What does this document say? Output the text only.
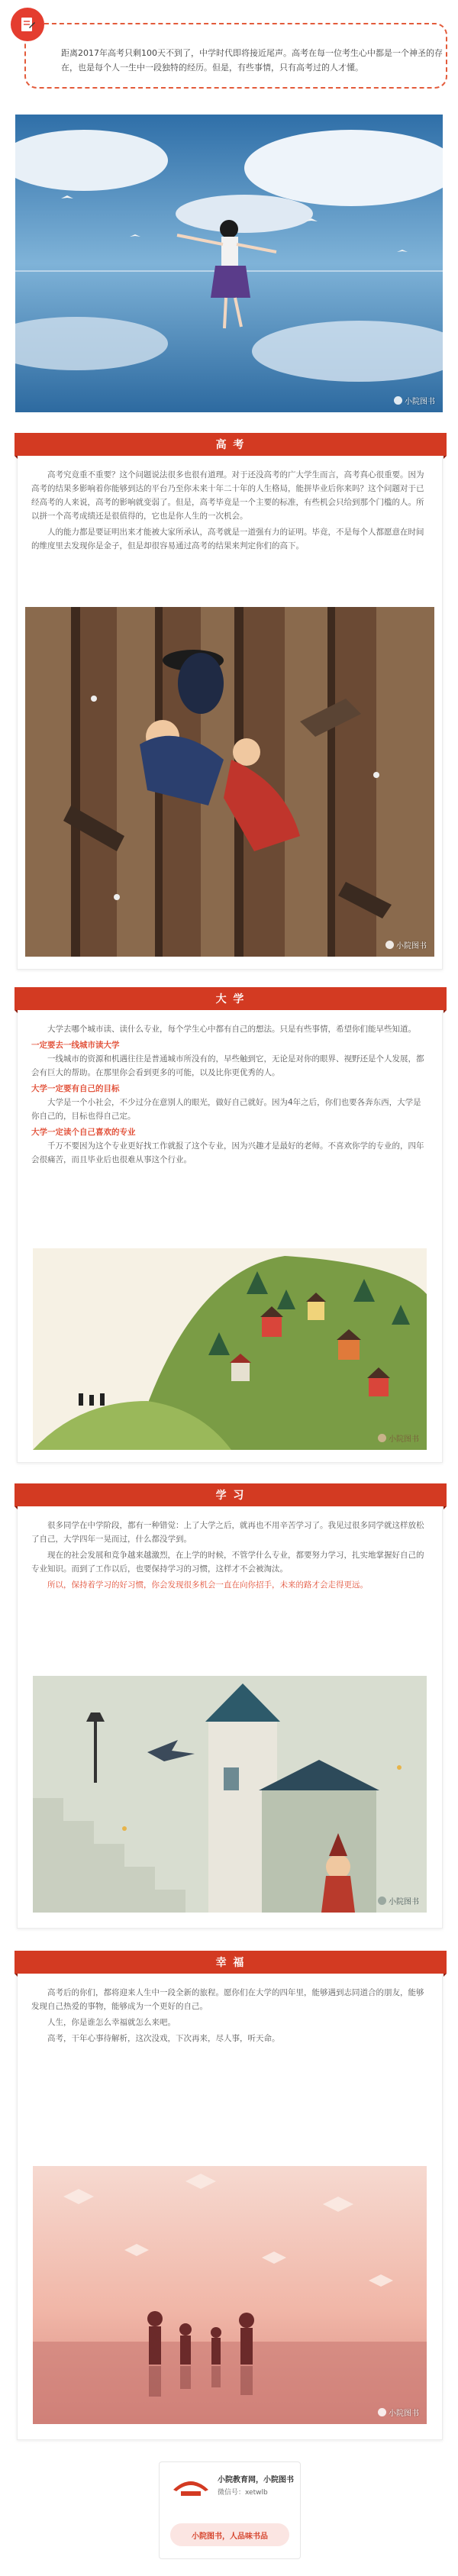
距离2017年高考只剩100天不到了，中学时代即将接近尾声。高考在每一位考生心中都是一个神圣的存在，也是每个人一生中一段独特的经历。但是，有些事情，只有高考过的人才懂。
小院图书
高 考

高考究竟重不重要？这个问题说法很多也很有道理。对于还没高考的广大学生而言，高考真心很重要。因为高考的结果多影响着你能够到达的平台乃至你未来十年二十年的人生格局，能拼毕业后你来吗？这个问题对于已经高考的人来说，高考的影响就变弱了。但是，高考毕竟是一个主要的标准，有些机会只给到那个门槛的人。所以拼一个高考成绩还是很值得的，它也是你人生的一次机会。

人的能力都是要证明出来才能被大家所承认，高考就是一道强有力的证明。毕竟，不是每个人都愿意在时间的维度里去发现你是金子，但是却很容易通过高考的结果来判定你们的高下。

小院图书
大 学

大学去哪个城市读、读什么专业，每个学生心中都有自己的想法。只是有些事情，希望你们能早些知道。

一定要去一线城市读大学

一线城市的资源和机遇往往是普通城市所没有的，早些触到它，无论是对你的眼界、视野还是个人发展，都会有巨大的帮助。在那里你会看到更多的可能，以及比你更优秀的人。

大学一定要有自己的目标

大学是一个小社会，不少过分在意别人的眼光，做好自己就好。因为4年之后，你们也要各奔东西，大学是你自己的，目标也得自己定。

大学一定读个自己喜欢的专业

千万不要因为这个专业更好找工作就报了这个专业，因为兴趣才是最好的老师。不喜欢你学的专业的，四年会很痛苦，而且毕业后也很难从事这个行业。

小院图书
学 习

很多同学在中学阶段，都有一种错觉：上了大学之后，就再也不用辛苦学习了。我见过很多同学就这样放松了自己，大学四年一晃而过，什么都没学到。

现在的社会发展和竞争越来越激烈，在上学的时候，不管学什么专业，都要努力学习，扎实地掌握好自己的专业知识。而到了工作以后，也要保持学习的习惯，这样才不会被淘汰。

所以，保持着学习的好习惯，你会发现很多机会一直在向你招手，未来的路才会走得更远。

小院图书
幸 福

高考后的你们，都将迎来人生中一段全新的旅程。愿你们在大学的四年里，能够遇到志同道合的朋友，能够发现自己热爱的事物，能够成为一个更好的自己。

人生，你是谁怎么幸福就怎么来吧。

高考，干年心事待解析，这次没戏，下次再来，尽人事，听天命。

小院图书
小院教育网，小院图书
微信号：xetwlb
小院图书，人品味书品
